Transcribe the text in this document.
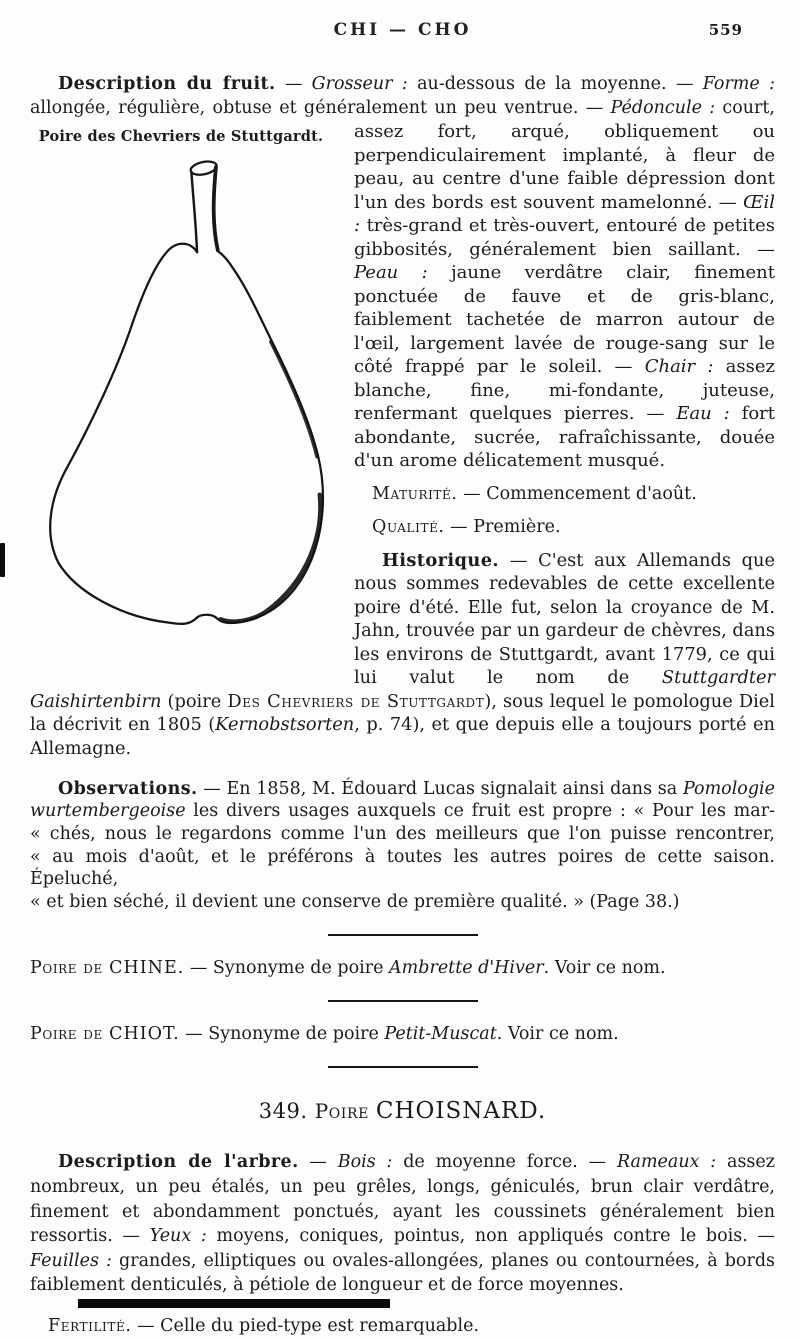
CHI — CHO	559
Description du fruit. — Grosseur : au-dessous de la moyenne. — Forme :
allongée, régulière, obtuse et généralement un peu ventrue. — Pédoncule : court,
Poire des Chevriers de Stuttgardt.	assez fort, arqué, obliquement ou perpendiculairement implanté, à fleur de peau, au centre d'une faible dépression dont l'un des bords est souvent mamelonné. — Œil : très-grand et très-ouvert, entouré de petites gibbosités, généralement bien saillant. — Peau : jaune verdâtre clair, finement ponctuée de fauve et de gris-blanc, faiblement tachetée de marron autour de l'œil, largement lavée de rouge-sang sur le côté frappé par le soleil. — Chair : assez blanche, fine, mi-fondante, juteuse, renfermant quelques pierres. — Eau : fort abondante, sucrée, rafraîchissante, douée d'un arome délicatement musqué.

Maturité. — Commencement d'août.
Qualité. — Première.

Historique. — C'est aux Allemands que nous sommes redevables de cette excellente poire d'été. Elle fut, selon la croyance de M. Jahn, trouvée par un gardeur de chèvres, dans les environs de Stuttgardt, avant 1779, ce qui lui valut le nom de Stuttgardter Gaishirtenbirn (poire Des Chevriers de Stuttgardt), sous lequel le pomologue Diel la décrivit en 1805 (Kernobstsorten, p. 74), et que depuis elle a toujours porté en Allemagne.

Observations. — En 1858, M. Édouard Lucas signalait ainsi dans sa Pomologie
wurtembergeoise les divers usages auxquels ce fruit est propre : « Pour les mar-
« chés, nous le regardons comme l'un des meilleurs que l'on puisse rencontrer,
« au mois d'août, et le préférons à toutes les autres poires de cette saison. Épeluché,
« et bien séché, il devient une conserve de première qualité. » (Page 38.)
Poire de CHINE. — Synonyme de poire Ambrette d'Hiver. Voir ce nom.
Poire de CHIOT. — Synonyme de poire Petit-Muscat. Voir ce nom.
349. Poire CHOISNARD.

Description de l'arbre. — Bois : de moyenne force. — Rameaux : assez nombreux, un peu étalés, un peu grêles, longs, géniculés, brun clair verdâtre, finement et abondamment ponctués, ayant les coussinets généralement bien ressortis. — Yeux : moyens, coniques, pointus, non appliqués contre le bois. — Feuilles : grandes, elliptiques ou ovales-allongées, planes ou contournées, à bords faiblement denticulés, à pétiole de longueur et de force moyennes.

Fertilité. — Celle du pied-type est remarquable.
